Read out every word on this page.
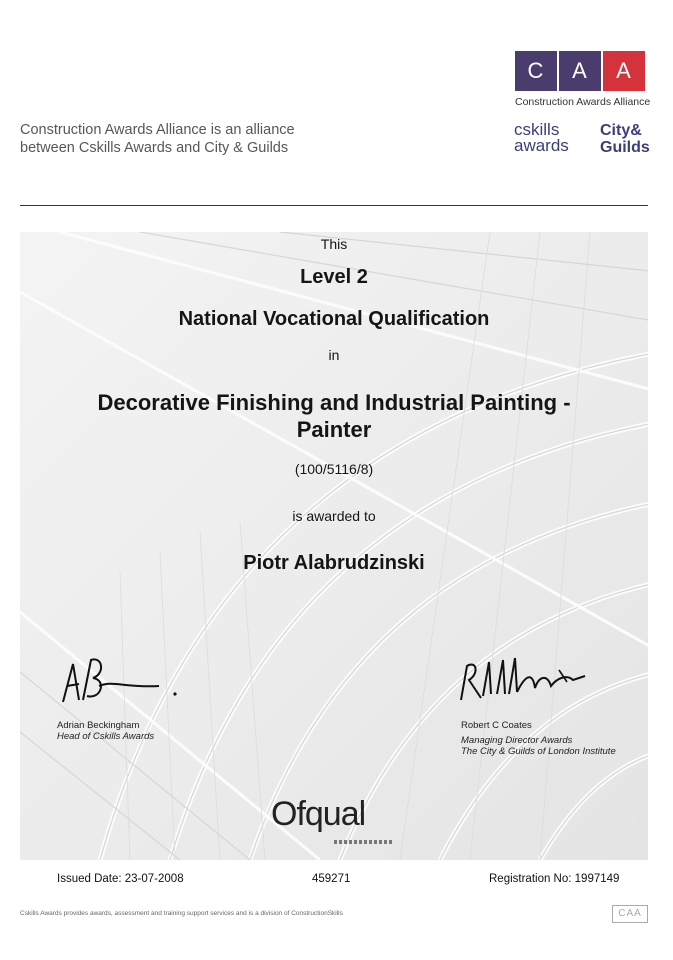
Construction Awards Alliance is an alliance
between Cskills Awards and City & Guilds
C	A	A
Construction Awards Alliance
cskills
awards
City&
Guilds
This
Level 2
National Vocational Qualification
in
Decorative Finishing and Industrial Painting -
Painter
(100/5116/8)
is awarded to
Piotr Alabrudzinski
Adrian Beckingham
Head of Cskills Awards
Robert C Coates
Managing Director Awards
The City & Guilds of London Institute
Ofqual
Issued Date: 23-07-2008	459271	Registration No: 1997149
Cskills Awards provides awards, assessment and training support services and is a division of ConstructionSkills	CAA
